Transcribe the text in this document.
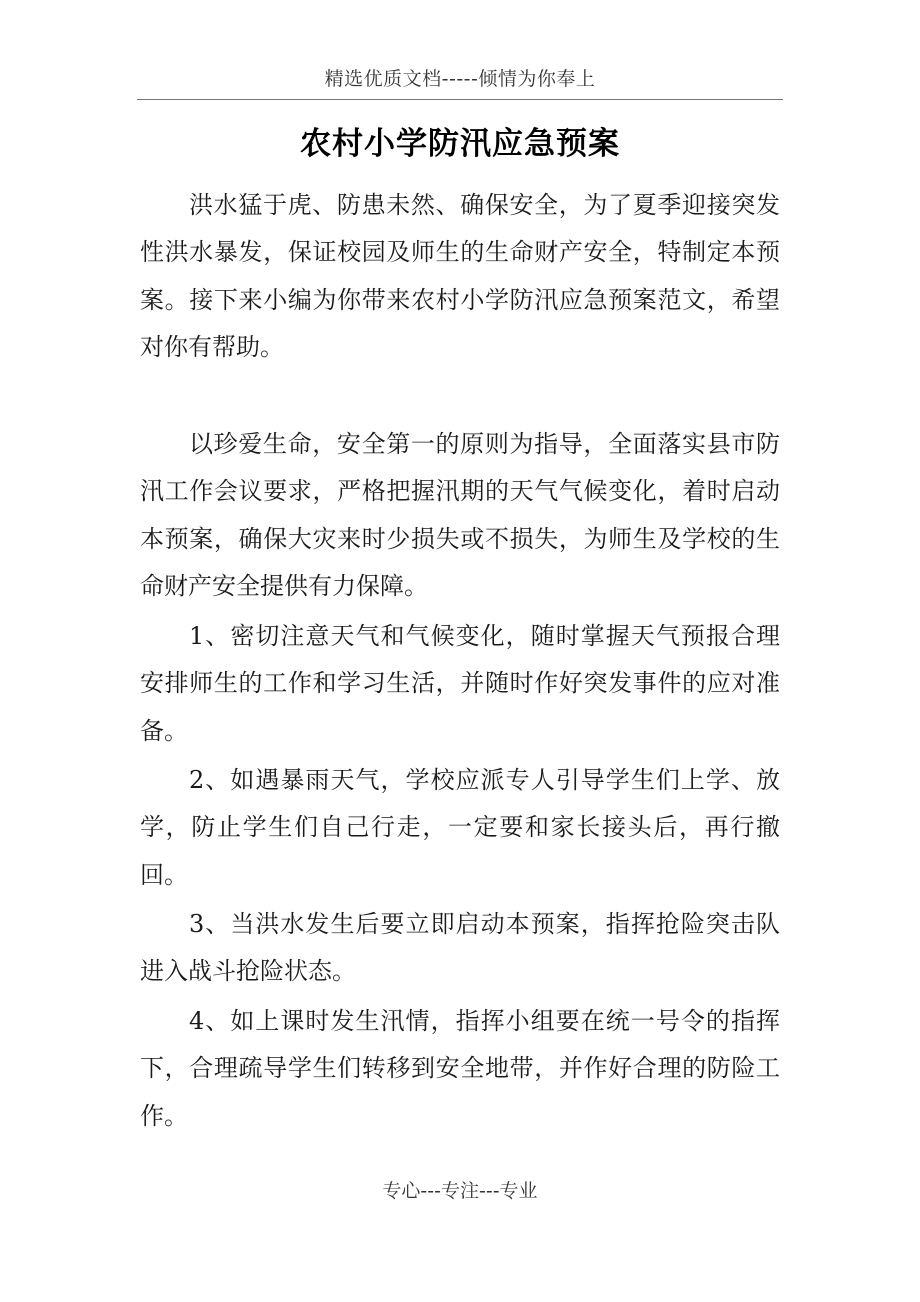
精选优质文档-----倾情为你奉上
农村小学防汛应急预案

洪水猛于虎、防患未然、确保安全，为了夏季迎接突发性洪水暴发，保证校园及师生的生命财产安全，特制定本预案。接下来小编为你带来农村小学防汛应急预案范文，希望对你有帮助。

以珍爱生命，安全第一的原则为指导，全面落实县市防汛工作会议要求，严格把握汛期的天气气候变化，着时启动本预案，确保大灾来时少损失或不损失，为师生及学校的生命财产安全提供有力保障。

1、密切注意天气和气候变化，随时掌握天气预报合理安排师生的工作和学习生活，并随时作好突发事件的应对准备。

2、如遇暴雨天气，学校应派专人引导学生们上学、放学，防止学生们自己行走，一定要和家长接头后，再行撤回。

3、当洪水发生后要立即启动本预案，指挥抢险突击队进入战斗抢险状态。

4、如上课时发生汛情，指挥小组要在统一号令的指挥下，合理疏导学生们转移到安全地带，并作好合理的防险工作。

专心---专注---专业
